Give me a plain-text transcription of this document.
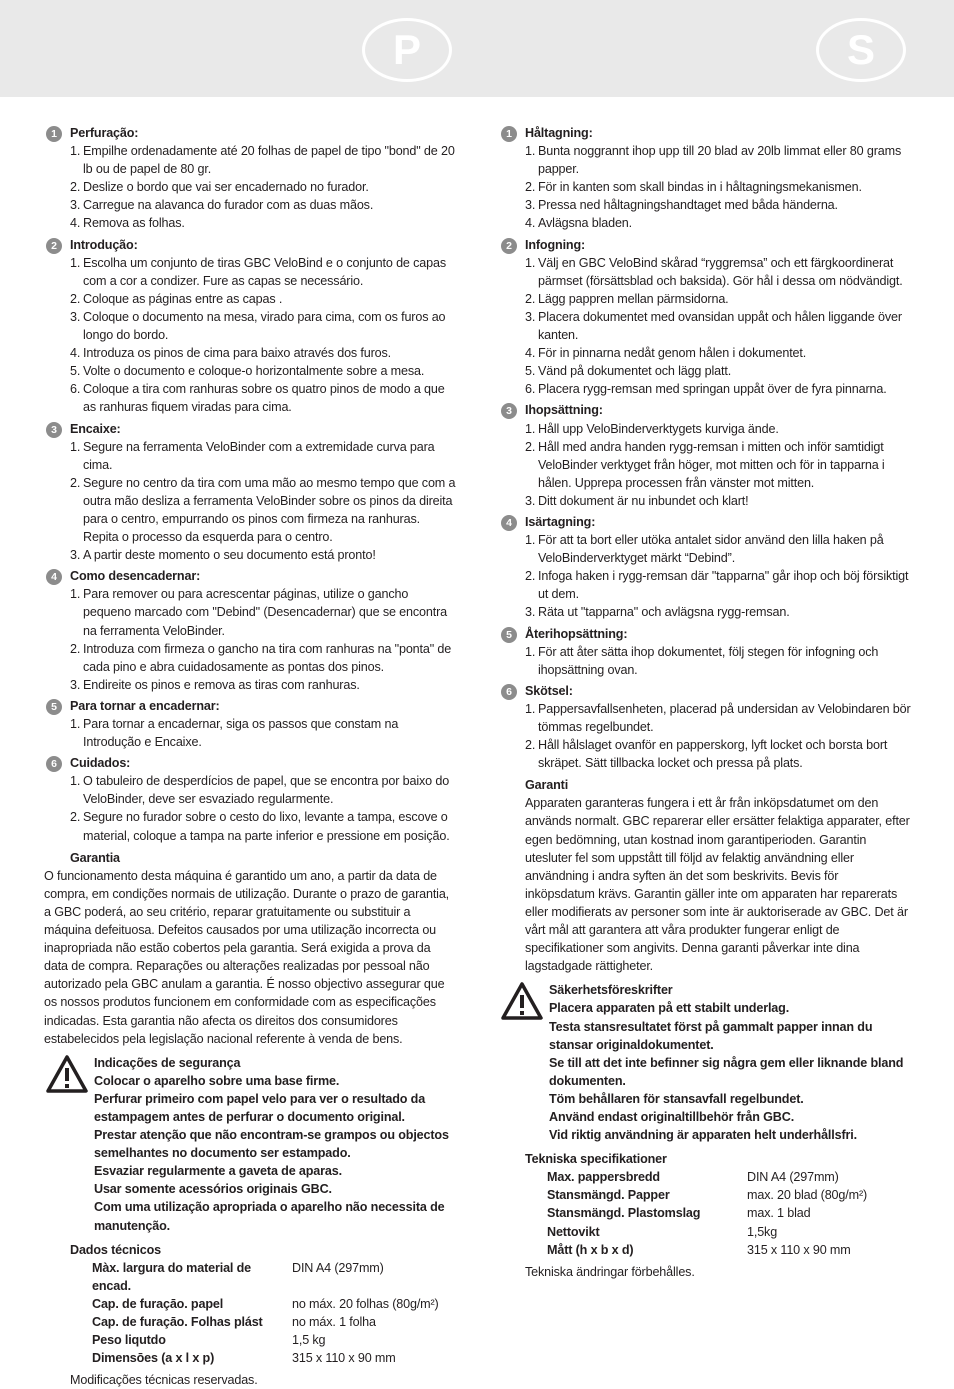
P	S
1	Perfuração:
1. Empilhe ordenadamente até 20 folhas de papel de tipo "bond" de 20 lb ou de papel de 80 gr.
2. Deslize o bordo que vai ser encadernado no furador.
3. Carregue na alavanca do furador com as duas mãos.
4. Remova as folhas.
2	Introdução:
1. Escolha um conjunto de tiras GBC VeloBind e o conjunto de capas com a cor a condizer. Fure as capas se necessário.
2. Coloque as páginas entre as capas .
3. Coloque o documento na mesa, virado para cima, com os furos ao longo do bordo.
4. Introduza os pinos de cima para baixo através dos furos.
5. Volte o documento e coloque-o horizontalmente sobre a mesa.
6. Coloque a tira com ranhuras sobre os quatro pinos de modo a que as ranhuras fiquem viradas para cima.
3	Encaixe:
1. Segure na ferramenta VeloBinder com a extremidade curva para cima.
2. Segure no centro da tira com uma mão ao mesmo tempo que com a outra mão desliza a ferramenta VeloBinder sobre os pinos da direita para o centro, empurrando os pinos com firmeza na ranhuras. Repita o processo da esquerda para o centro.
3. A partir deste momento o seu documento está pronto!
4	Como desencadernar:
1. Para remover ou para acrescentar páginas, utilize o gancho pequeno marcado com "Debind" (Desencadernar) que se encontra na ferramenta VeloBinder.
2. Introduza com firmeza o gancho na tira com ranhuras na "ponta" de cada pino e abra cuidadosamente as pontas dos pinos.
3. Endireite os pinos e remova as tiras com ranhuras.
5	Para tornar a encadernar:
1. Para tornar a encadernar, siga os passos que constam na Introdução e Encaixe.
6	Cuidados:
1. O tabuleiro de desperdícios de papel, que se encontra por baixo do VeloBinder, deve ser esvaziado regularmente.
2. Segure no furador sobre o cesto do lixo, levante a tampa, escove o material, coloque a tampa na parte inferior e pressione em posição.
Garantia
O funcionamento desta máquina é garantido um ano, a partir da data de compra, em condições normais de utilização. Durante o prazo de garantia, a GBC poderá, ao seu critério, reparar gratuitamente ou substituir a máquina defeituosa. Defeitos causados por uma utilização incorrecta ou inapropriada não estão cobertos pela garantia. Será exigida a prova da data de compra. Reparações ou alterações realizadas por pessoal não autorizado pela GBC anulam a garantia. É nosso objectivo assegurar que os nossos produtos funcionem em conformidade com as especificações indicadas. Esta garantia não afecta os direitos dos consumidores estabelecidos pela legislação nacional referente à venda de bens.
Indicações de segurança
Colocar o aparelho sobre uma base firme.
Perfurar primeiro com papel velo para ver o resultado da estampagem antes de perfurar o documento original.
Prestar atenção que não encontram-se grampos ou objectos semelhantes no documento ser estampado.
Esvaziar regularmente a gaveta de aparas.
Usar somente acessórios originais GBC.
Com uma utilização apropriada o aparelho não necessita de manutenção.
Dados técnicos
Màx. largura do material de encad.	DIN A4 (297mm)
Cap. de furaçāo. papel	no máx. 20 folhas (80g/m²)
Cap. de furaçāo. Folhas plást	no máx. 1 folha
Peso liqutdo	1,5 kg
Dimensōes (a x l x p)	315 x 110 x 90 mm
Modificações técnicas reservadas.
1	Håltagning:
1. Bunta noggrannt ihop upp till 20 blad av 20lb limmat eller 80 grams papper.
2. För in kanten som skall bindas in i håltagningsmekanismen.
3. Pressa ned håltagningshandtaget med båda händerna.
4. Avlägsna bladen.
2	Infogning:
1. Välj en GBC VeloBind skårad “ryggremsa” och ett färgkoordinerat pärmset (försättsblad och baksida). Gör hål i dessa om nödvändigt.
2. Lägg pappren mellan pärmsidorna.
3. Placera dokumentet med ovansidan uppåt och hålen liggande över kanten.
4. För in pinnarna nedåt genom hålen i dokumentet.
5. Vänd på dokumentet och lägg platt.
6. Placera rygg-remsan med springan uppåt över de fyra pinnarna.
3	Ihopsättning:
1. Håll upp VeloBinderverktygets kurviga ände.
2. Håll med andra handen rygg-remsan i mitten och inför samtidigt VeloBinder verktyget från höger, mot mitten och för in tapparna i hålen. Upprepa processen från vänster mot mitten.
3. Ditt dokument är nu inbundet och klart!
4	Isärtagning:
1. För att ta bort eller utöka antalet sidor använd den lilla haken på VeloBinderverktyget märkt “Debind”.
2. Infoga haken i rygg-remsan där "tapparna" går ihop och böj försiktigt ut dem.
3. Räta ut "tapparna" och avlägsna rygg-remsan.
5	Återihopsättning:
1. För att åter sätta ihop dokumentet, följ stegen för infogning och ihopsättning ovan.
6	Skötsel:
1. Pappersavfallsenheten, placerad på undersidan av Velobindaren bör tömmas regelbundet.
2. Håll hålslaget ovanför en papperskorg, lyft locket och borsta bort skräpet. Sätt tillbacka locket och pressa på plats.
Garanti
Apparaten garanteras fungera i ett år från inköpsdatumet om den används normalt. GBC reparerar eller ersätter felaktiga apparater, efter egen bedömning, utan kostnad inom garantiperioden. Garantin utesluter fel som uppstått till följd av felaktig användning eller användning i andra syften än det som beskrivits. Bevis för inköpsdatum krävs. Garantin gäller inte om apparaten har reparerats eller modifierats av personer som inte är auktoriserade av GBC. Det är vårt mål att garantera att våra produkter fungerar enligt de specifikationer som angivits. Denna garanti påverkar inte dina lagstadgade rättigheter.
Säkerhetsföreskrifter
Placera apparaten på ett stabilt underlag.
Testa stansresultatet först på gammalt papper innan du stansar originaldokumentet.
Se till att det inte befinner sig några gem eller liknande bland dokumenten.
Töm behållaren för stansavfall regelbundet.
Använd endast originaltillbehör från GBC.
Vid riktig användning är apparaten helt underhållsfri.
Tekniska specifikationer
Max. pappersbredd	DIN A4 (297mm)
Stansmängd. Papper	max. 20 blad (80g/m²)
Stansmängd. Plastomslag	max. 1 blad
Nettovikt	1,5kg
Mått (h x b x d)	315 x 110 x 90 mm
Tekniska ändringar förbehålles.
